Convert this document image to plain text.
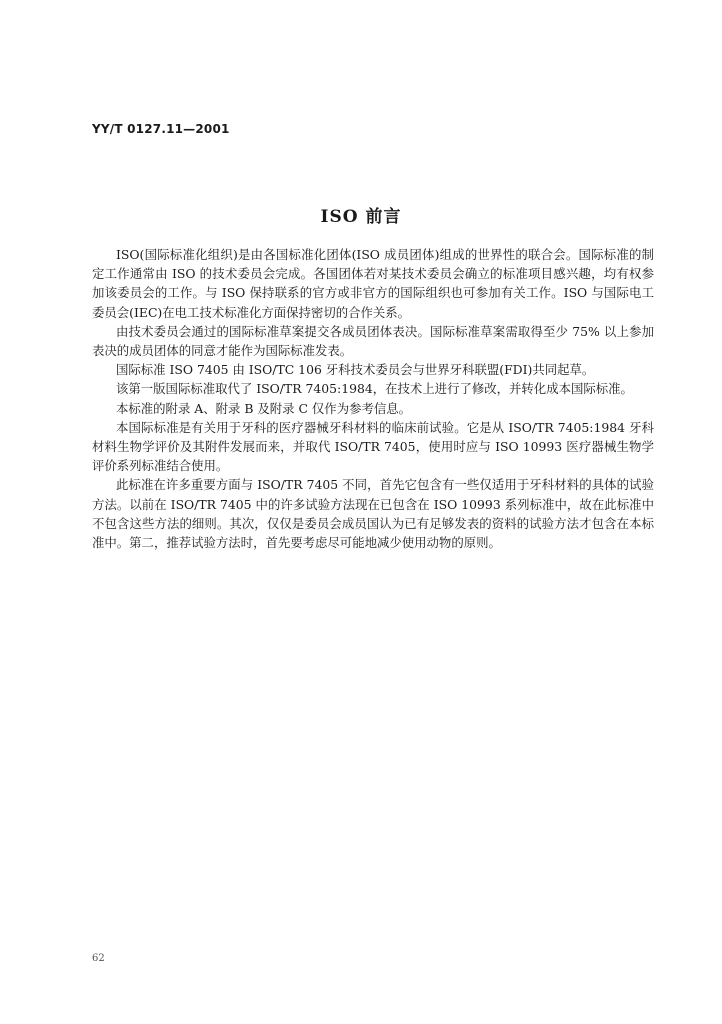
YY/T 0127.11—2001
ISO 前言

ISO(国际标准化组织)是由各国标准化团体(ISO 成员团体)组成的世界性的联合会。国际标准的制定工作通常由 ISO 的技术委员会完成。各国团体若对某技术委员会确立的标准项目感兴趣，均有权参加该委员会的工作。与 ISO 保持联系的官方或非官方的国际组织也可参加有关工作。ISO 与国际电工委员会(IEC)在电工技术标准化方面保持密切的合作关系。

由技术委员会通过的国际标准草案提交各成员团体表决。国际标准草案需取得至少 75% 以上参加表决的成员团体的同意才能作为国际标准发表。

国际标准 ISO 7405 由 ISO/TC 106 牙科技术委员会与世界牙科联盟(FDI)共同起草。

该第一版国际标准取代了 ISO/TR 7405:1984，在技术上进行了修改，并转化成本国际标准。

本标准的附录 A、附录 B 及附录 C 仅作为参考信息。

本国际标准是有关用于牙科的医疗器械牙科材料的临床前试验。它是从 ISO/TR 7405:1984 牙科材料生物学评价及其附件发展而来，并取代 ISO/TR 7405，使用时应与 ISO 10993 医疗器械生物学评价系列标准结合使用。

此标准在许多重要方面与 ISO/TR 7405 不同，首先它包含有一些仅适用于牙科材料的具体的试验方法。以前在 ISO/TR 7405 中的许多试验方法现在已包含在 ISO 10993 系列标准中，故在此标准中不包含这些方法的细则。其次，仅仅是委员会成员国认为已有足够发表的资料的试验方法才包含在本标准中。第二，推荐试验方法时，首先要考虑尽可能地减少使用动物的原则。

62
